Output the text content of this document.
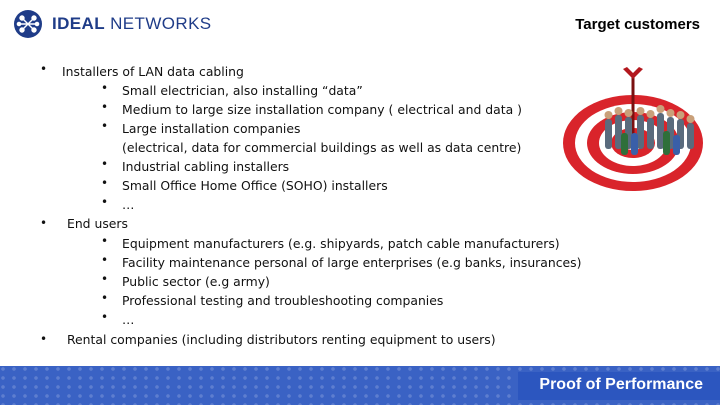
IDEAL NETWORKS	Target customers
• Installers of LAN data cabling
• Small electrician, also installing “data”
• Medium to large size installation company ( electrical and data )
• Large installation companies
(electrical, data for commercial buildings as well as data centre)
• Industrial cabling installers
• Small Office Home Office (SOHO) installers
• …
• End users
• Equipment manufacturers (e.g. shipyards, patch cable manufacturers)
• Facility maintenance personal of large enterprises (e.g banks, insurances)
• Public sector (e.g army)
• Professional testing and troubleshooting companies
• …
• Rental companies (including distributors renting equipment to users)
Proof of Performance
